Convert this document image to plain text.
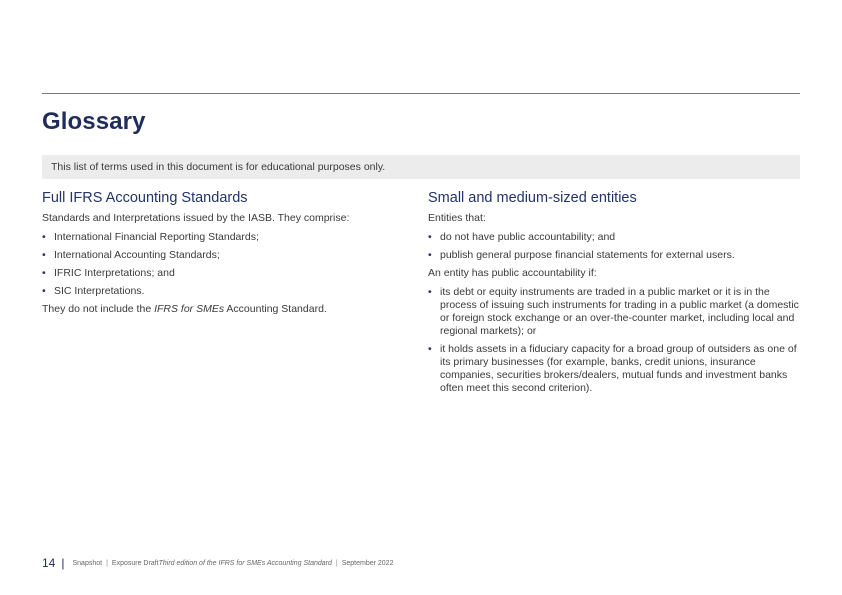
Glossary
This list of terms used in this document is for educational purposes only.
Full IFRS Accounting Standards

Standards and Interpretations issued by the IASB. They comprise:

• International Financial Reporting Standards;
• International Accounting Standards;
• IFRIC Interpretations; and
• SIC Interpretations.

They do not include the IFRS for SMEs Accounting Standard.

Small and medium-sized entities

Entities that:

• do not have public accountability; and
• publish general purpose financial statements for external users.

An entity has public accountability if:

• its debt or equity instruments are traded in a public market or it is in the process of issuing such instruments for trading in a public market (a domestic or foreign stock exchange or an over-the-counter market, including local and regional markets); or
• it holds assets in a fiduciary capacity for a broad group of outsiders as one of its primary businesses (for example, banks, credit unions, insurance companies, securities brokers/dealers, mutual funds and investment banks often meet this second criterion).
14 | Snapshot | Exposure Draft Third edition of the IFRS for SMEs Accounting Standard | September 2022
